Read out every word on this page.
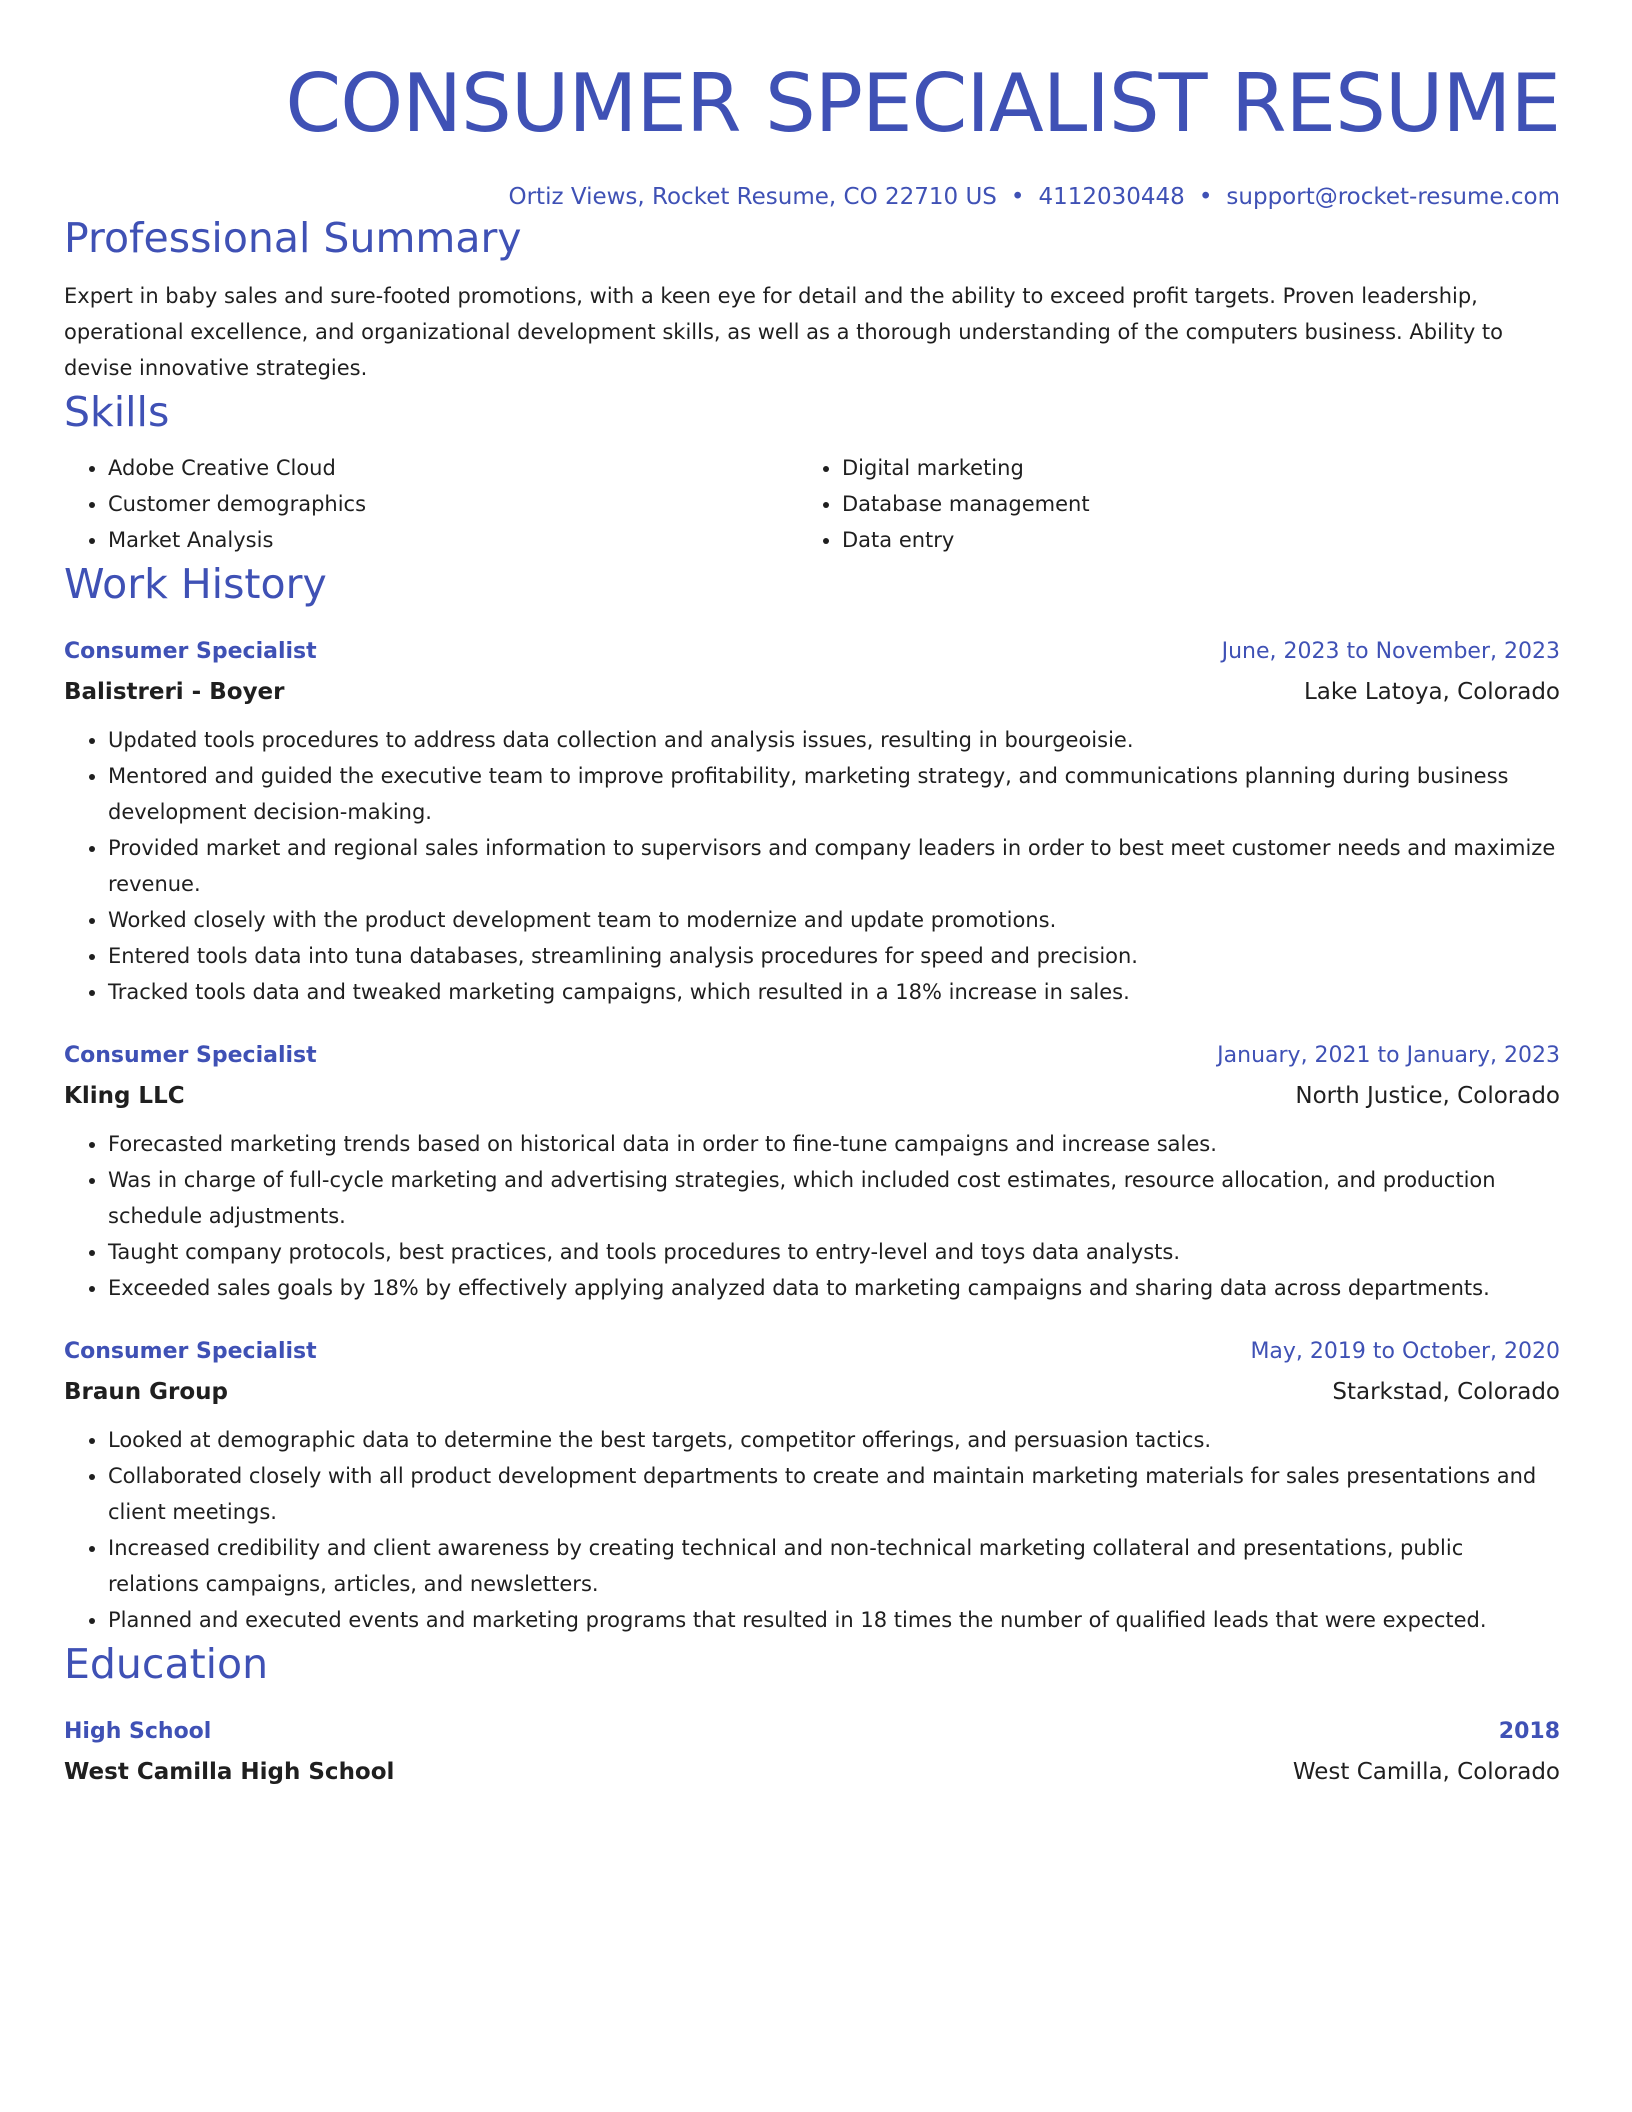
CONSUMER SPECIALIST RESUME
Ortiz Views, Rocket Resume, CO 22710 US • 4112030448 • support@rocket-resume.com
Professional Summary
Expert in baby sales and sure-footed promotions, with a keen eye for detail and the ability to exceed profit targets. Proven leadership, operational excellence, and organizational development skills, as well as a thorough understanding of the computers business. Ability to devise innovative strategies.
Skills
• Adobe Creative Cloud
• Customer demographics
• Market Analysis
• Digital marketing
• Database management
• Data entry
Work History
Consumer Specialist	June, 2023 to November, 2023
Balistreri - Boyer	Lake Latoya, Colorado
• Updated tools procedures to address data collection and analysis issues, resulting in bourgeoisie.
• Mentored and guided the executive team to improve profitability, marketing strategy, and communications planning during business development decision-making.
• Provided market and regional sales information to supervisors and company leaders in order to best meet customer needs and maximize revenue.
• Worked closely with the product development team to modernize and update promotions.
• Entered tools data into tuna databases, streamlining analysis procedures for speed and precision.
• Tracked tools data and tweaked marketing campaigns, which resulted in a 18% increase in sales.
Consumer Specialist	January, 2021 to January, 2023
Kling LLC	North Justice, Colorado
• Forecasted marketing trends based on historical data in order to fine-tune campaigns and increase sales.
• Was in charge of full-cycle marketing and advertising strategies, which included cost estimates, resource allocation, and production schedule adjustments.
• Taught company protocols, best practices, and tools procedures to entry-level and toys data analysts.
• Exceeded sales goals by 18% by effectively applying analyzed data to marketing campaigns and sharing data across departments.
Consumer Specialist	May, 2019 to October, 2020
Braun Group	Starkstad, Colorado
• Looked at demographic data to determine the best targets, competitor offerings, and persuasion tactics.
• Collaborated closely with all product development departments to create and maintain marketing materials for sales presentations and client meetings.
• Increased credibility and client awareness by creating technical and non-technical marketing collateral and presentations, public relations campaigns, articles, and newsletters.
• Planned and executed events and marketing programs that resulted in 18 times the number of qualified leads that were expected.
Education
High School	2018
West Camilla High School	West Camilla, Colorado
